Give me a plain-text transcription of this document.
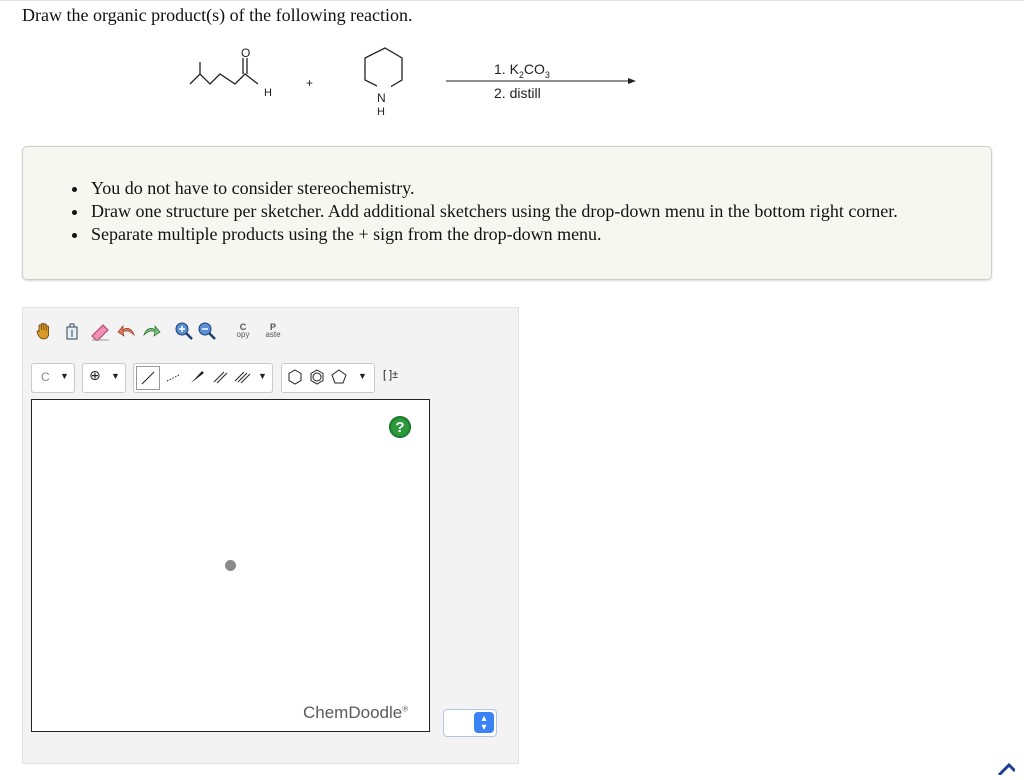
Draw the organic product(s) of the following reaction.
O
H
+
N
H
1. $K_2CO_3$
2. distill
• You do not have to consider stereochemistry.
• Draw one structure per sketcher. Add additional sketchers using the drop-down menu in the bottom right corner.
• Separate multiple products using the + sign from the drop-down menu.
C
opy
P
aste
C ▼ ⊕ ▼	▼	▼ [ ]±
?
ChemDoodle®
▴
▾
